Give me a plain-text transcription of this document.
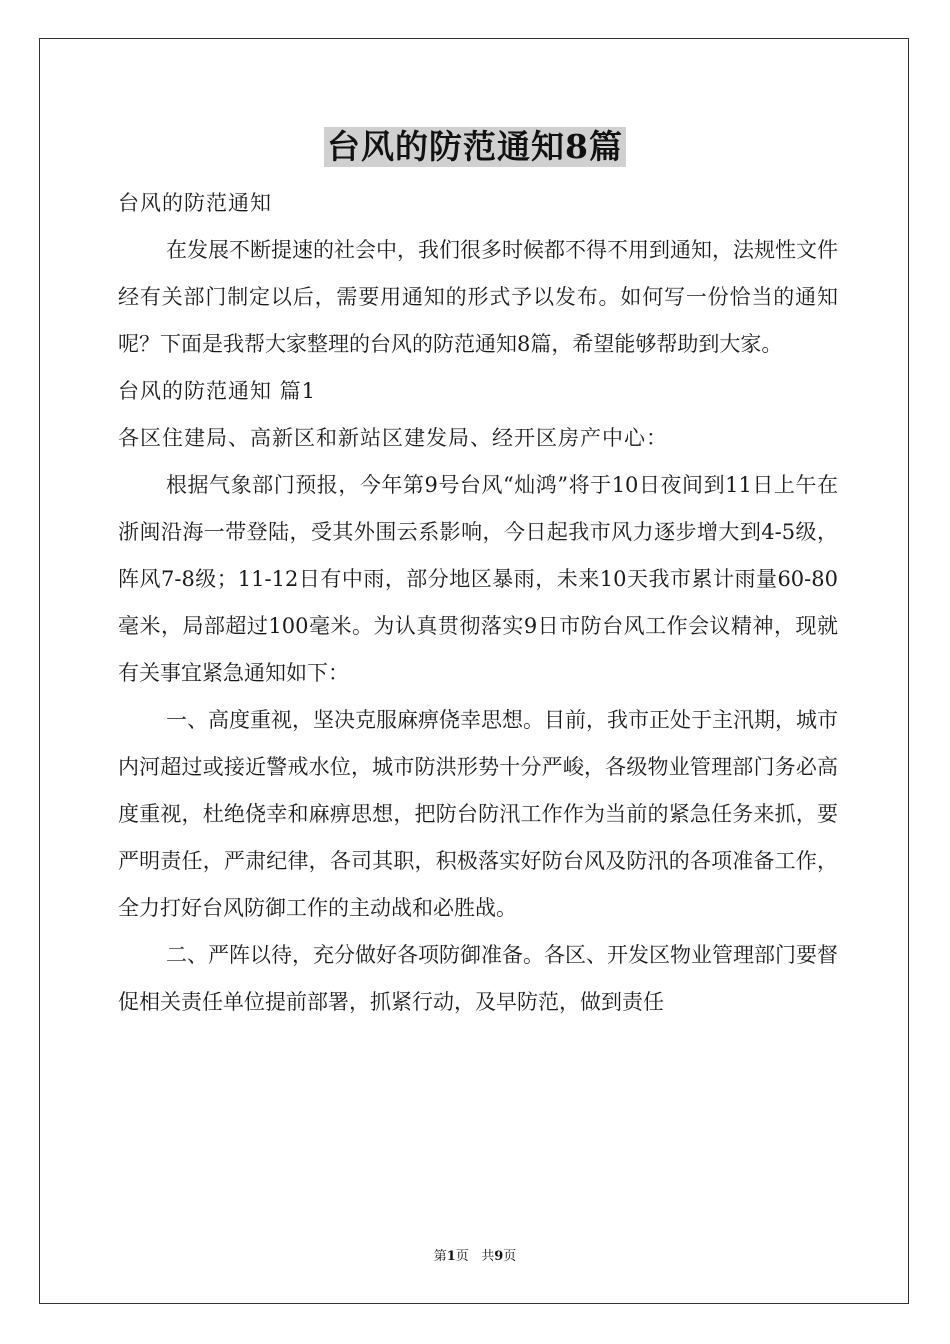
台风的防范通知8篇

台风的防范通知

在发展不断提速的社会中，我们很多时候都不得不用到通知，法规性文件经有关部门制定以后，需要用通知的形式予以发布。如何写一份恰当的通知呢？下面是我帮大家整理的台风的防范通知8篇，希望能够帮助到大家。

台风的防范通知 篇1

各区住建局、高新区和新站区建发局、经开区房产中心：

根据气象部门预报，今年第9号台风“灿鸿”将于10日夜间到11日上午在浙闽沿海一带登陆，受其外围云系影响，今日起我市风力逐步增大到4-5级，阵风7-8级；11-12日有中雨，部分地区暴雨，未来10天我市累计雨量60-80毫米，局部超过100毫米。为认真贯彻落实9日市防台风工作会议精神，现就有关事宜紧急通知如下：

一、高度重视，坚决克服麻痹侥幸思想。目前，我市正处于主汛期，城市内河超过或接近警戒水位，城市防洪形势十分严峻，各级物业管理部门务必高度重视，杜绝侥幸和麻痹思想，把防台防汛工作作为当前的紧急任务来抓，要严明责任，严肃纪律，各司其职，积极落实好防台风及防汛的各项准备工作，全力打好台风防御工作的主动战和必胜战。

二、严阵以待，充分做好各项防御准备。各区、开发区物业管理部门要督促相关责任单位提前部署，抓紧行动，及早防范，做到责任

第1页 共9页
